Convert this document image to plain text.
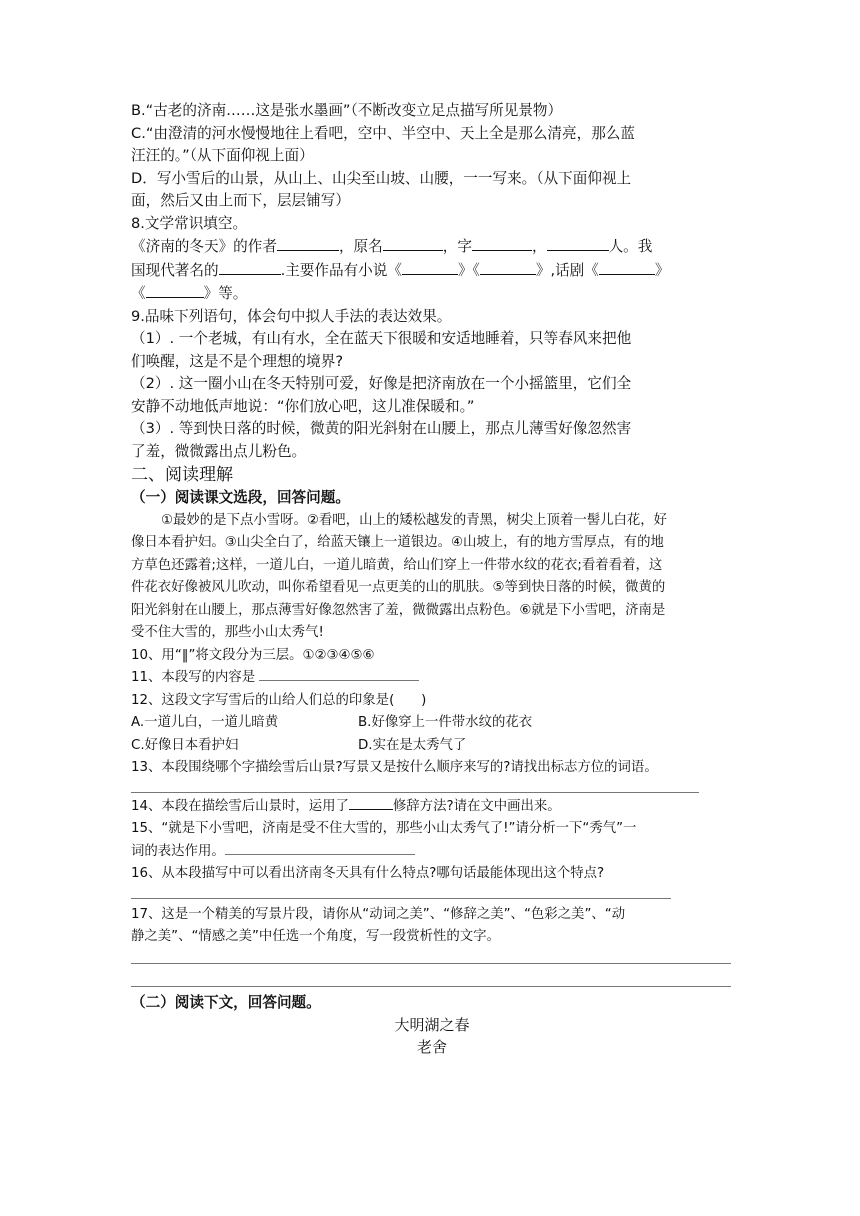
B.“古老的济南……这是张水墨画”（不断改变立足点描写所见景物）

C.“由澄清的河水慢慢地往上看吧，空中、半空中、天上全是那么清亮，那么蓝

汪汪的。”（从下面仰视上面）

D．写小雪后的山景，从山上、山尖至山坡、山腰，一一写来。（从下面仰视上

面，然后又由上而下，层层铺写）

8.文学常识填空。

《济南的冬天》的作者	，原名	，字	，	人。我

国现代著名的	.主要作品有小说《	》《	》,话剧《	》

《	》等。

9.品味下列语句，体会句中拟人手法的表达效果。

（1）. 一个老城，有山有水，全在蓝天下很暖和安适地睡着，只等春风来把他

们唤醒，这是不是个理想的境界?

（2）. 这一圈小山在冬天特别可爱，好像是把济南放在一个小摇篮里，它们全

安静不动地低声地说：“你们放心吧，这儿准保暖和。”

（3）. 等到快日落的时候，微黄的阳光斜射在山腰上，那点儿薄雪好像忽然害

了羞，微微露出点儿粉色。

二、阅读理解

（一）阅读课文选段，回答问题。

①最妙的是下点小雪呀。②看吧，山上的矮松越发的青黑，树尖上顶着一髻儿白花，好

像日本看护妇。③山尖全白了，给蓝天镶上一道银边。④山坡上，有的地方雪厚点，有的地

方草色还露着;这样，一道儿白，一道儿暗黄，给山们穿上一件带水纹的花衣;看着看着，这

件花衣好像被风儿吹动，叫你希望看见一点更美的山的肌肤。⑤等到快日落的时候，微黄的

阳光斜射在山腰上，那点薄雪好像忽然害了羞，微微露出点粉色。⑥就是下小雪吧，济南是

受不住大雪的，那些小山太秀气!

10、用“‖”将文段分为三层。①②③④⑤⑥

11、本段写的内容是

12、这段文字写雪后的山给人们总的印象是(　　)

A.一道儿白，一道儿暗黄	B.好像穿上一件带水纹的花衣
C.好像日本看护妇	D.实在是太秀气了

13、本段围绕哪个字描绘雪后山景?写景又是按什么顺序来写的?请找出标志方位的词语。

14、本段在描绘雪后山景时，运用了	修辞方法?请在文中画出来。

15、“就是下小雪吧，济南是受不住大雪的，那些小山太秀气了!”请分析一下“秀气”一

词的表达作用。

16、从本段描写中可以看出济南冬天具有什么特点?哪句话最能体现出这个特点?

17、这是一个精美的写景片段，请你从“动词之美”、“修辞之美”、“色彩之美”、“动

静之美”、“情感之美”中任选一个角度，写一段赏析性的文字。

（二）阅读下文，回答问题。

大明湖之春

老舍
